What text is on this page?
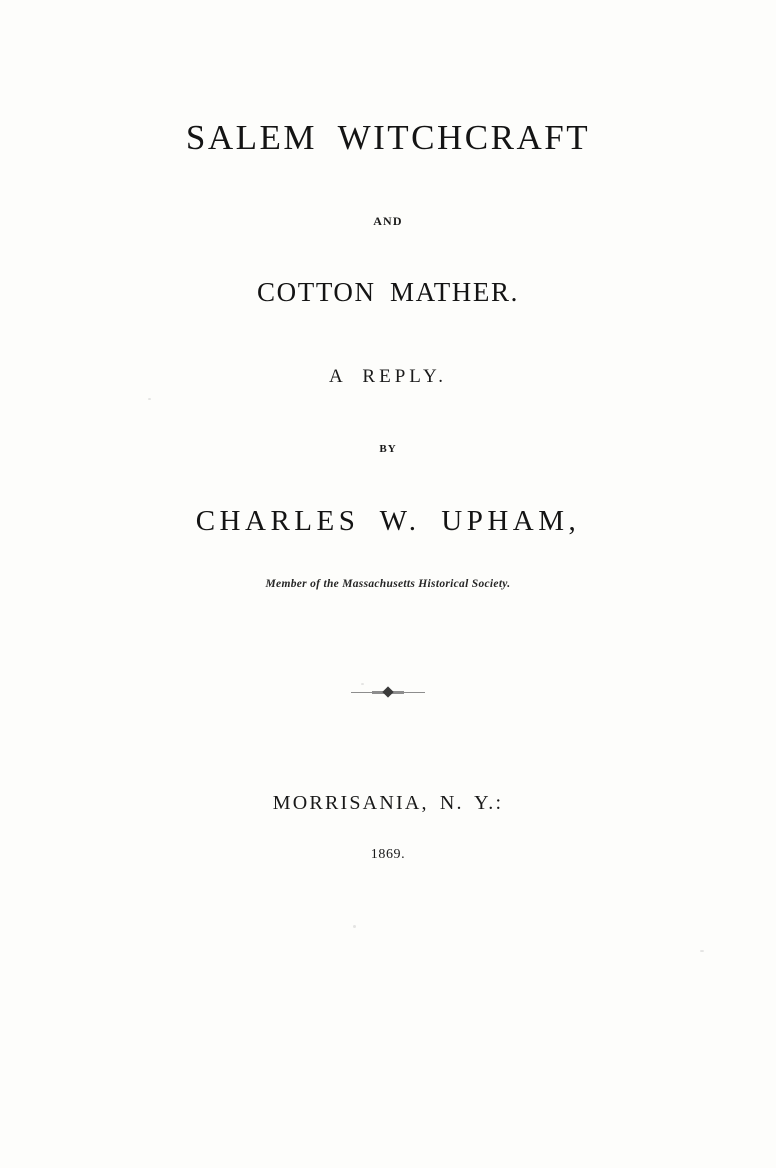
SALEM WITCHCRAFT
AND
COTTON MATHER.
A REPLY.
BY
CHARLES W. UPHAM,
Member of the Massachusetts Historical Society.
MORRISANIA, N. Y.:
1869.
